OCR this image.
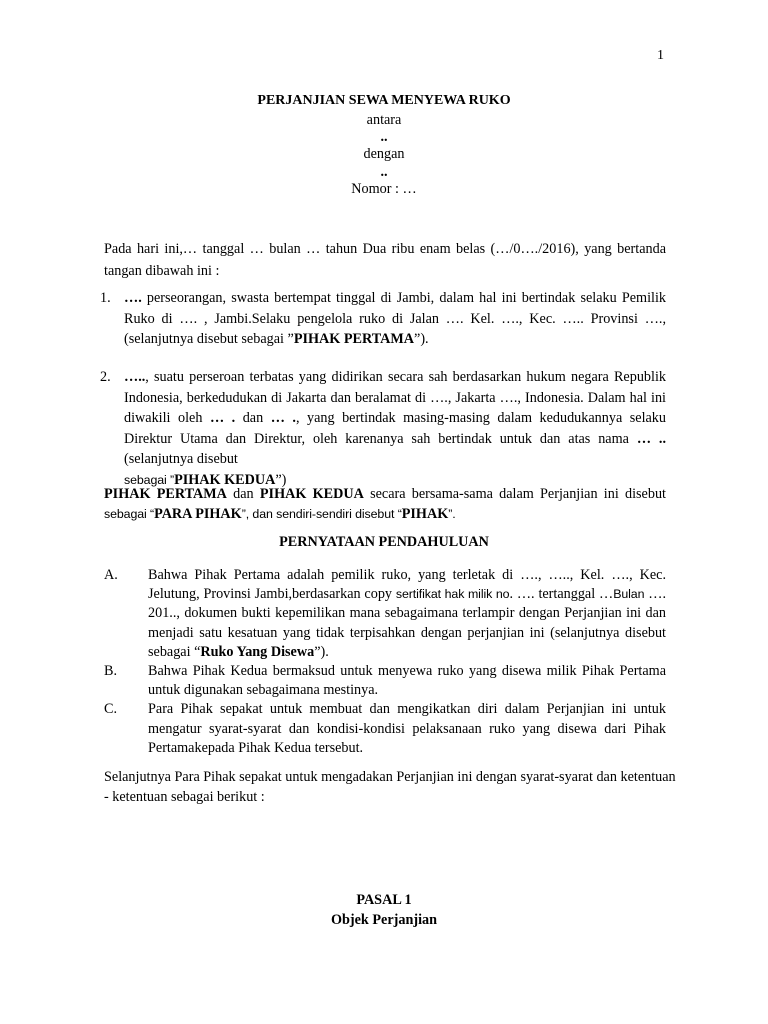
1
PERJANJIAN SEWA MENYEWA RUKO
antara
..
dengan
..
Nomor : …
Pada hari ini,… tanggal … bulan … tahun Dua ribu enam belas (…/0…./2016), yang bertanda
tangan dibawah ini :
1. …. perseorangan, swasta bertempat tinggal di Jambi, dalam hal ini bertindak selaku Pemilik Ruko di …. , Jambi.Selaku pengelola ruko di Jalan …. Kel. …., Kec. ….. Provinsi ….,(selanjutnya disebut sebagai ”PIHAK PERTAMA”).
2. ….., suatu perseroan terbatas yang didirikan secara sah berdasarkan hukum negara Republik Indonesia, berkedudukan di Jakarta dan beralamat di …., Jakarta …., Indonesia. Dalam hal ini diwakili oleh … . dan … ., yang bertindak masing-masing dalam kedudukannya selaku Direktur Utama dan Direktur, oleh karenanya sah bertindak untuk dan atas nama … .. (selanjutnya disebut
sebagai ”PIHAK KEDUA”)
PIHAK PERTAMA dan PIHAK KEDUA secara bersama-sama dalam Perjanjian ini disebut
sebagai “PARA PIHAK”, dan sendiri-sendiri disebut “PIHAK”.
PERNYATAAN PENDAHULUAN
A.	Bahwa Pihak Pertama adalah pemilik ruko, yang terletak di …., ….., Kel. …., Kec. Jelutung, Provinsi Jambi,berdasarkan copy sertifikat hak milik no. …. tertanggal …Bulan …. 201.., dokumen bukti kepemilikan mana sebagaimana terlampir dengan Perjanjian ini dan menjadi satu kesatuan yang tidak terpisahkan dengan perjanjian ini (selanjutnya disebut sebagai “Ruko Yang Disewa”).
B.	Bahwa Pihak Kedua bermaksud untuk menyewa ruko yang disewa milik Pihak Pertama untuk digunakan sebagaimana mestinya.
C.	Para Pihak sepakat untuk membuat dan mengikatkan diri dalam Perjanjian ini untuk mengatur syarat-syarat dan kondisi-kondisi pelaksanaan ruko yang disewa dari Pihak Pertamakepada Pihak Kedua tersebut.
Selanjutnya Para Pihak sepakat untuk mengadakan Perjanjian ini dengan syarat-syarat dan ketentuan
- ketentuan sebagai berikut :
PASAL 1
Objek Perjanjian
